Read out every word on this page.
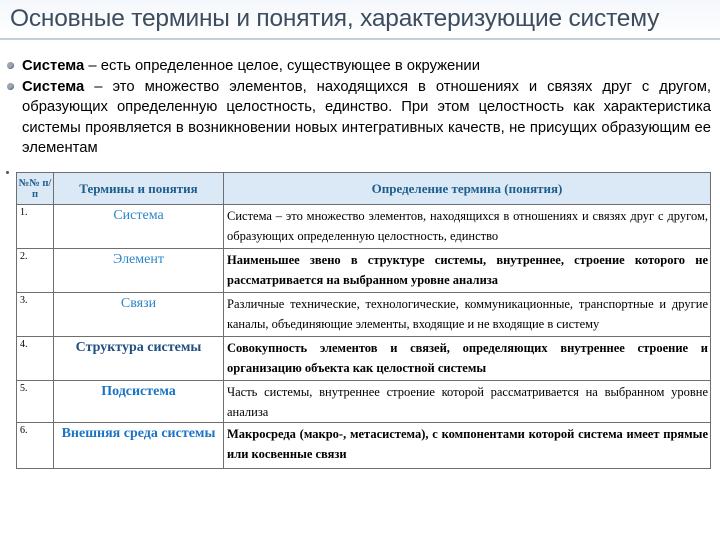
Основные термины и понятия, характеризующие систему
Система – есть определенное целое, существующее в окружении
Система – это множество элементов, находящихся в отношениях и связях друг с другом, образующих определенную целостность, единство. При этом целостность как характеристика системы проявляется в возникновении новых интегративных качеств, не присущих образующим ее элементам
№№ п/п	Термины и понятия	Определение термина (понятия)
1.	Система	Система – это множество элементов, находящихся в отношениях и связях друг с другом, образующих определенную целостность, единство
2.	Элемент	Наименьшее звено в структуре системы, внутреннее, строение которого не рассматривается на выбранном уровне анализа
3.	Связи	Различные технические, технологические, коммуникационные, транспортные и другие каналы, объединяющие элементы, входящие и не входящие в систему
4.	Структура системы	Совокупность элементов и связей, определяющих внутреннее строение и организацию объекта как целостной системы
5.	Подсистема	Часть системы, внутреннее строение которой рассматривается на выбранном уровне анализа
6.	Внешняя среда системы	Макросреда (макро-, метасистема), с компонентами которой система имеет прямые или косвенные связи
